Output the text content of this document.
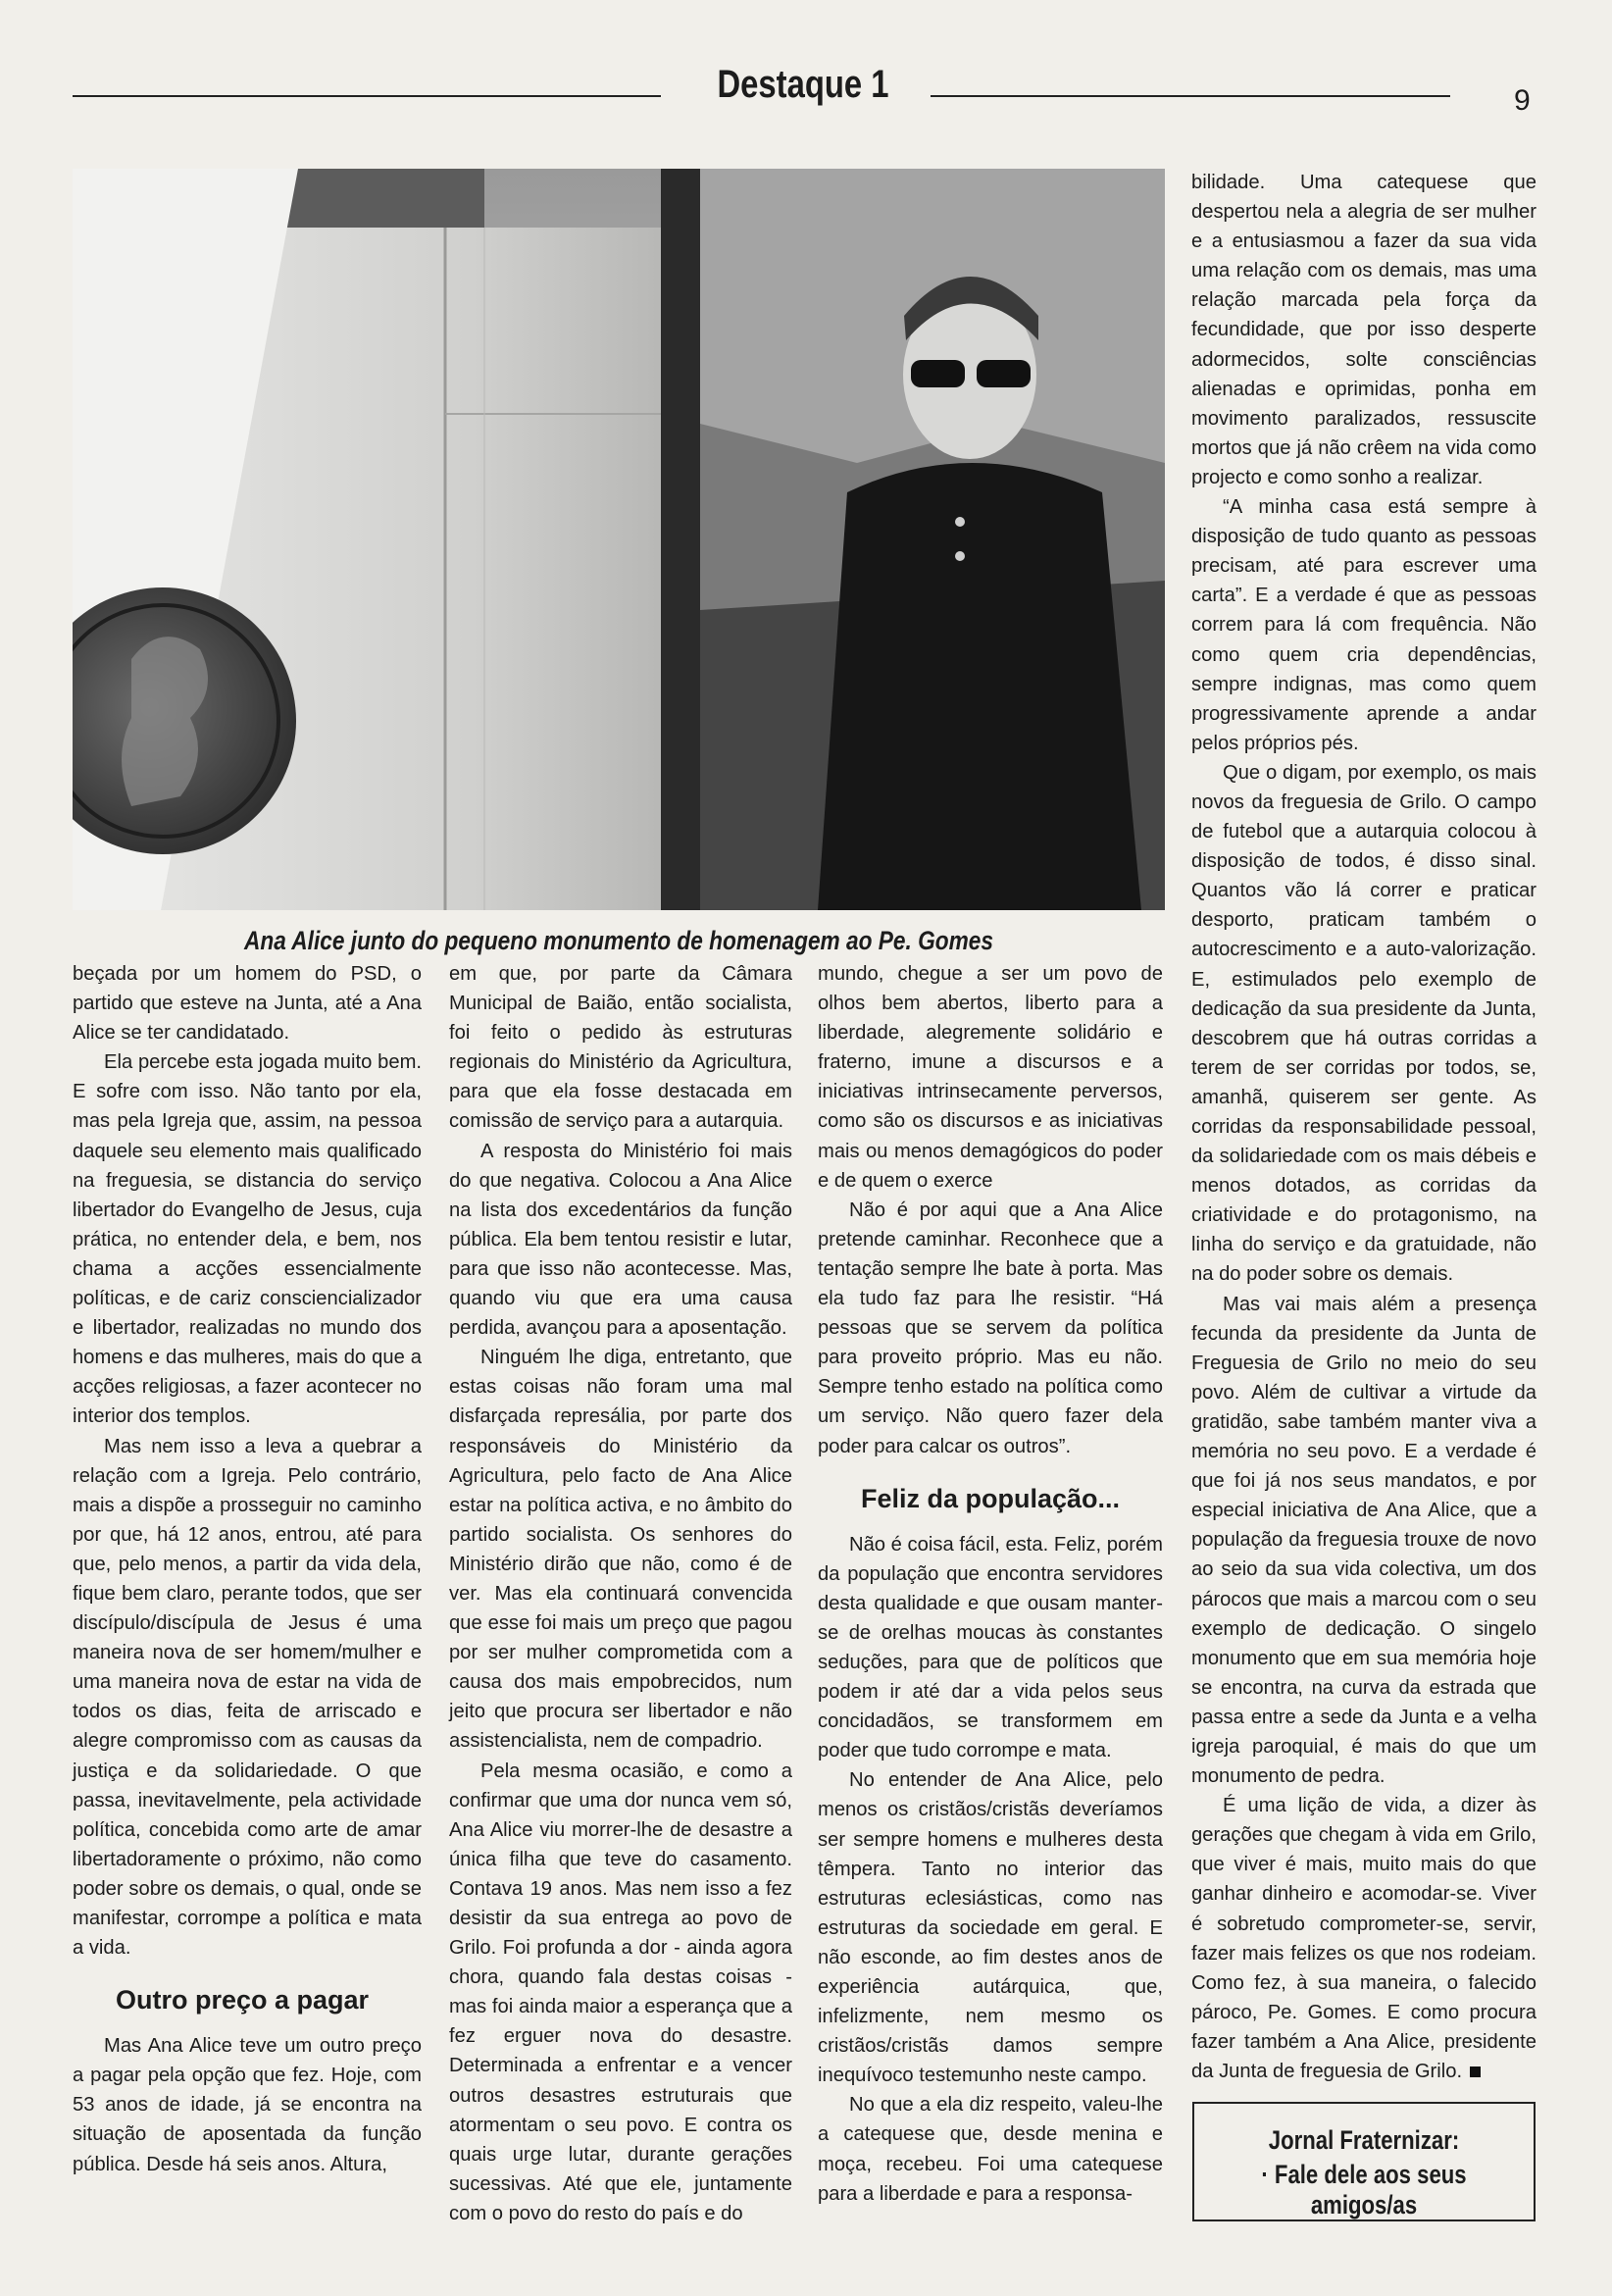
Destaque 1	9
Ana Alice junto do pequeno monumento de homenagem ao Pe. Gomes

beçada por um homem do PSD, o partido que esteve na Junta, até a Ana Alice se ter candidatado.

Ela percebe esta jogada muito bem. E sofre com isso. Não tanto por ela, mas pela Igreja que, assim, na pessoa daquele seu elemento mais qualificado na freguesia, se distancia do serviço libertador do Evangelho de Jesus, cuja prática, no entender dela, e bem, nos chama a acções essencialmente políticas, e de cariz consciencializador e libertador, realizadas no mundo dos homens e das mulheres, mais do que a acções religiosas, a fazer acontecer no interior dos templos.

Mas nem isso a leva a quebrar a relação com a Igreja. Pelo contrário, mais a dispõe a prosseguir no caminho por que, há 12 anos, entrou, até para que, pelo menos, a partir da vida dela, fique bem claro, perante todos, que ser discípulo/discípula de Jesus é uma maneira nova de ser homem/mulher e uma maneira nova de estar na vida de todos os dias, feita de arriscado e alegre compromisso com as causas da justiça e da solidariedade. O que passa, inevitavelmente, pela actividade política, concebida como arte de amar libertadoramente o próximo, não como poder sobre os demais, o qual, onde se manifestar, corrompe a política e mata a vida.

Outro preço a pagar

Mas Ana Alice teve um outro preço a pagar pela opção que fez. Hoje, com 53 anos de idade, já se encontra na situação de aposentada da função pública. Desde há seis anos. Altura,

em que, por parte da Câmara Municipal de Baião, então socialista, foi feito o pedido às estruturas regionais do Ministério da Agricultura, para que ela fosse destacada em comissão de serviço para a autarquia.

A resposta do Ministério foi mais do que negativa. Colocou a Ana Alice na lista dos excedentários da função pública. Ela bem tentou resistir e lutar, para que isso não acontecesse. Mas, quando viu que era uma causa perdida, avançou para a aposentação.

Ninguém lhe diga, entretanto, que estas coisas não foram uma mal disfarçada represália, por parte dos responsáveis do Ministério da Agricultura, pelo facto de Ana Alice estar na política activa, e no âmbito do partido socialista. Os senhores do Ministério dirão que não, como é de ver. Mas ela continuará convencida que esse foi mais um preço que pagou por ser mulher comprometida com a causa dos mais empobrecidos, num jeito que procura ser libertador e não assistencialista, nem de compadrio.

Pela mesma ocasião, e como a confirmar que uma dor nunca vem só, Ana Alice viu morrer-lhe de desastre a única filha que teve do casamento. Contava 19 anos. Mas nem isso a fez desistir da sua entrega ao povo de Grilo. Foi profunda a dor - ainda agora chora, quando fala destas coisas - mas foi ainda maior a esperança que a fez erguer nova do desastre. Determinada a enfrentar e a vencer outros desastres estruturais que atormentam o seu povo. E contra os quais urge lutar, durante gerações sucessivas. Até que ele, juntamente com o povo do resto do país e do

mundo, chegue a ser um povo de olhos bem abertos, liberto para a liberdade, alegremente solidário e fraterno, imune a discursos e a iniciativas intrinsecamente perversos, como são os discursos e as iniciativas mais ou menos demagógicos do poder e de quem o exerce

Não é por aqui que a Ana Alice pretende caminhar. Reconhece que a tentação sempre lhe bate à porta. Mas ela tudo faz para lhe resistir. “Há pessoas que se servem da política para proveito próprio. Mas eu não. Sempre tenho estado na política como um serviço. Não quero fazer dela poder para calcar os outros”.

Feliz da população...

Não é coisa fácil, esta. Feliz, porém da população que encontra servidores desta qualidade e que ousam manter-se de orelhas moucas às constantes seduções, para que de políticos que podem ir até dar a vida pelos seus concidadãos, se transformem em poder que tudo corrompe e mata.

No entender de Ana Alice, pelo menos os cristãos/cristãs deveríamos ser sempre homens e mulheres desta têmpera. Tanto no interior das estruturas eclesiásticas, como nas estruturas da sociedade em geral. E não esconde, ao fim destes anos de experiência autárquica, que, infelizmente, nem mesmo os cristãos/cristãs damos sempre inequívoco testemunho neste campo.

No que a ela diz respeito, valeu-lhe a catequese que, desde menina e moça, recebeu. Foi uma catequese para a liberdade e para a responsa-

bilidade. Uma catequese que despertou nela a alegria de ser mulher e a entusiasmou a fazer da sua vida uma relação com os demais, mas uma relação marcada pela força da fecundidade, que por isso desperte adormecidos, solte consciências alienadas e oprimidas, ponha em movimento paralizados, ressuscite mortos que já não crêem na vida como projecto e como sonho a realizar.

“A minha casa está sempre à disposição de tudo quanto as pessoas precisam, até para escrever uma carta”. E a verdade é que as pessoas correm para lá com frequência. Não como quem cria dependências, sempre indignas, mas como quem progressivamente aprende a andar pelos próprios pés.

Que o digam, por exemplo, os mais novos da freguesia de Grilo. O campo de futebol que a autarquia colocou à disposição de todos, é disso sinal. Quantos vão lá correr e praticar desporto, praticam também o autocrescimento e a auto-valorização. E, estimulados pelo exemplo de dedicação da sua presidente da Junta, descobrem que há outras corridas a terem de ser corridas por todos, se, amanhã, quiserem ser gente. As corridas da responsabilidade pessoal, da solidariedade com os mais débeis e menos dotados, as corridas da criatividade e do protagonismo, na linha do serviço e da gratuidade, não na do poder sobre os demais.

Mas vai mais além a presença fecunda da presidente da Junta de Freguesia de Grilo no meio do seu povo. Além de cultivar a virtude da gratidão, sabe também manter viva a memória no seu povo. E a verdade é que foi já nos seus mandatos, e por especial iniciativa de Ana Alice, que a população da freguesia trouxe de novo ao seio da sua vida colectiva, um dos párocos que mais a marcou com o seu exemplo de dedicação. O singelo monumento que em sua memória hoje se encontra, na curva da estrada que passa entre a sede da Junta e a velha igreja paroquial, é mais do que um monumento de pedra.

É uma lição de vida, a dizer às gerações que chegam à vida em Grilo, que viver é mais, muito mais do que ganhar dinheiro e acomodar-se. Viver é sobretudo comprometer-se, servir, fazer mais felizes os que nos rodeiam. Como fez, à sua maneira, o falecido pároco, Pe. Gomes. E como procura fazer também a Ana Alice, presidente da Junta de freguesia de Grilo.

Jornal Fraternizar:
· Fale dele aos seus amigos/as
